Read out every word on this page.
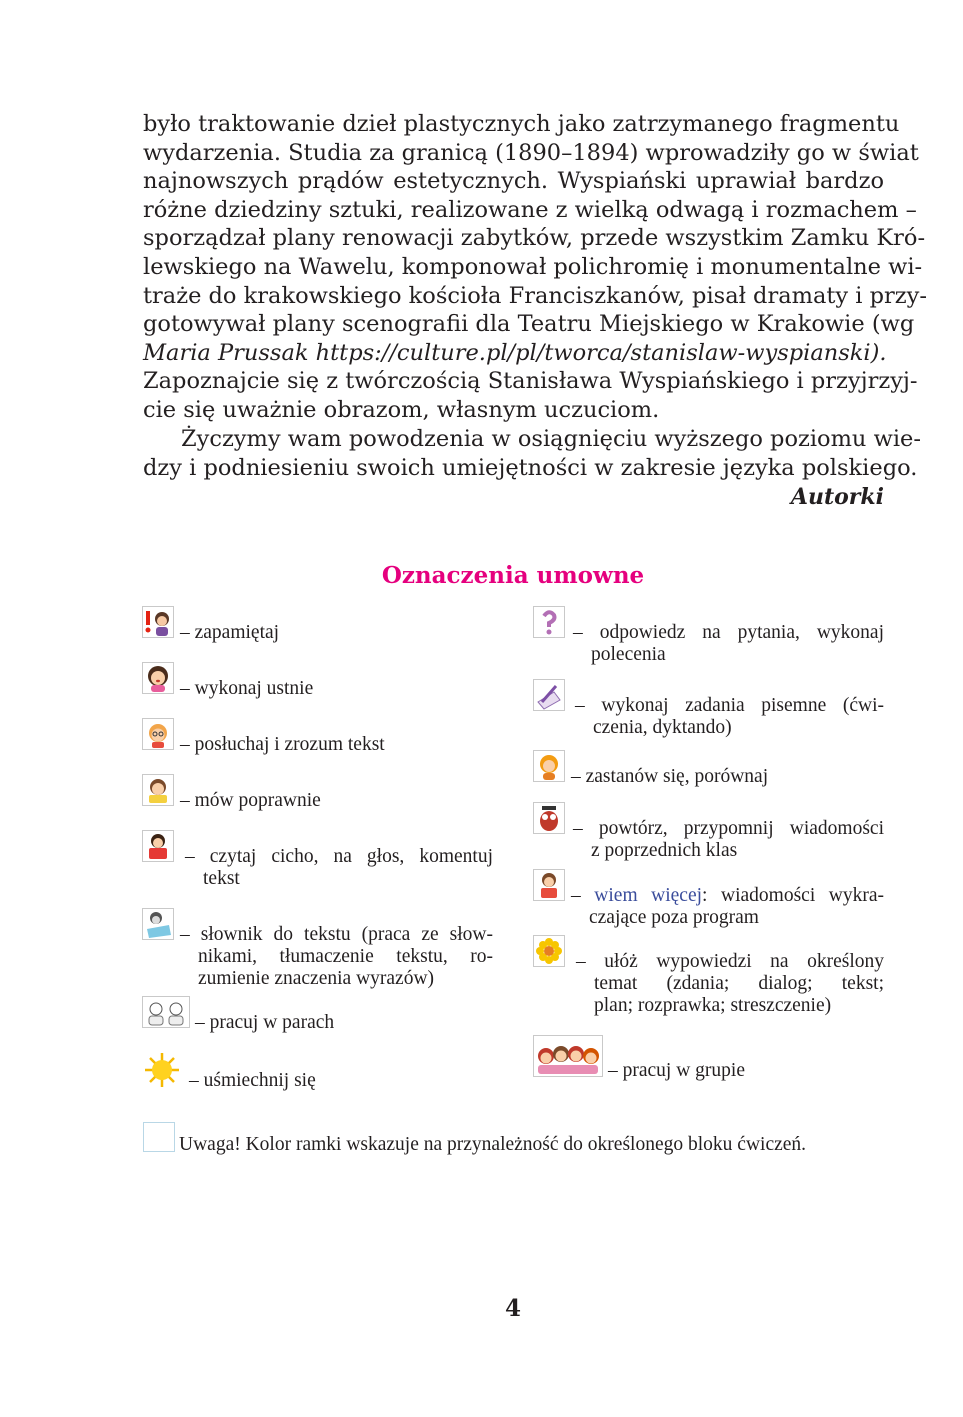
było traktowanie dzieł plastycznych jako zatrzymanego fragmentu
wydarzenia. Studia za granicą (1890–1894) wprowadziły go w świat
najnowszych prądów estetycznych. Wyspiański uprawiał bardzo
różne dziedziny sztuki, realizowane z wielką odwagą i rozmachem –
sporządzał plany renowacji zabytków, przede wszystkim Zamku Kró-
lewskiego na Wawelu, komponował polichromię i monumentalne wi-
traże do krakowskiego kościoła Franciszkanów, pisał dramaty i przy-
gotowywał plany scenografii dla Teatru Miejskiego w Krakowie (wg
Maria Prussak https://culture.pl/pl/tworca/stanislaw-wyspianski).
Zapoznajcie się z twórczością Stanisława Wyspiańskiego i przyjrzyj-
cie się uważnie obrazom, własnym uczuciom.
Życzymy wam powodzenia w osiągnięciu wyższego poziomu wie-
dzy i podniesieniu swoich umiejętności w zakresie języka polskiego.
Autorki
Oznaczenia umowne
– zapamiętaj
– wykonaj ustnie
– posłuchaj i zrozum tekst
– mów poprawnie
– czytaj cicho, na głos, komentuj
tekst
– słownik do tekstu (praca ze słow-
nikami, tłumaczenie tekstu, ro-
zumienie znaczenia wyrazów)
– pracuj w parach
– uśmiechnij się
– odpowiedz na pytania, wykonaj
polecenia
– wykonaj zadania pisemne (ćwi-
czenia, dyktando)
– zastanów się, porównaj
– powtórz, przypomnij wiadomości
z poprzednich klas
– wiem więcej: wiadomości wykra-
czające poza program
– ułóż wypowiedzi na określony
temat (zdania; dialog; tekst;
plan; rozprawka; streszczenie)
– pracuj w grupie
Uwaga! Kolor ramki wskazuje na przynależność do określonego bloku ćwiczeń.
4
